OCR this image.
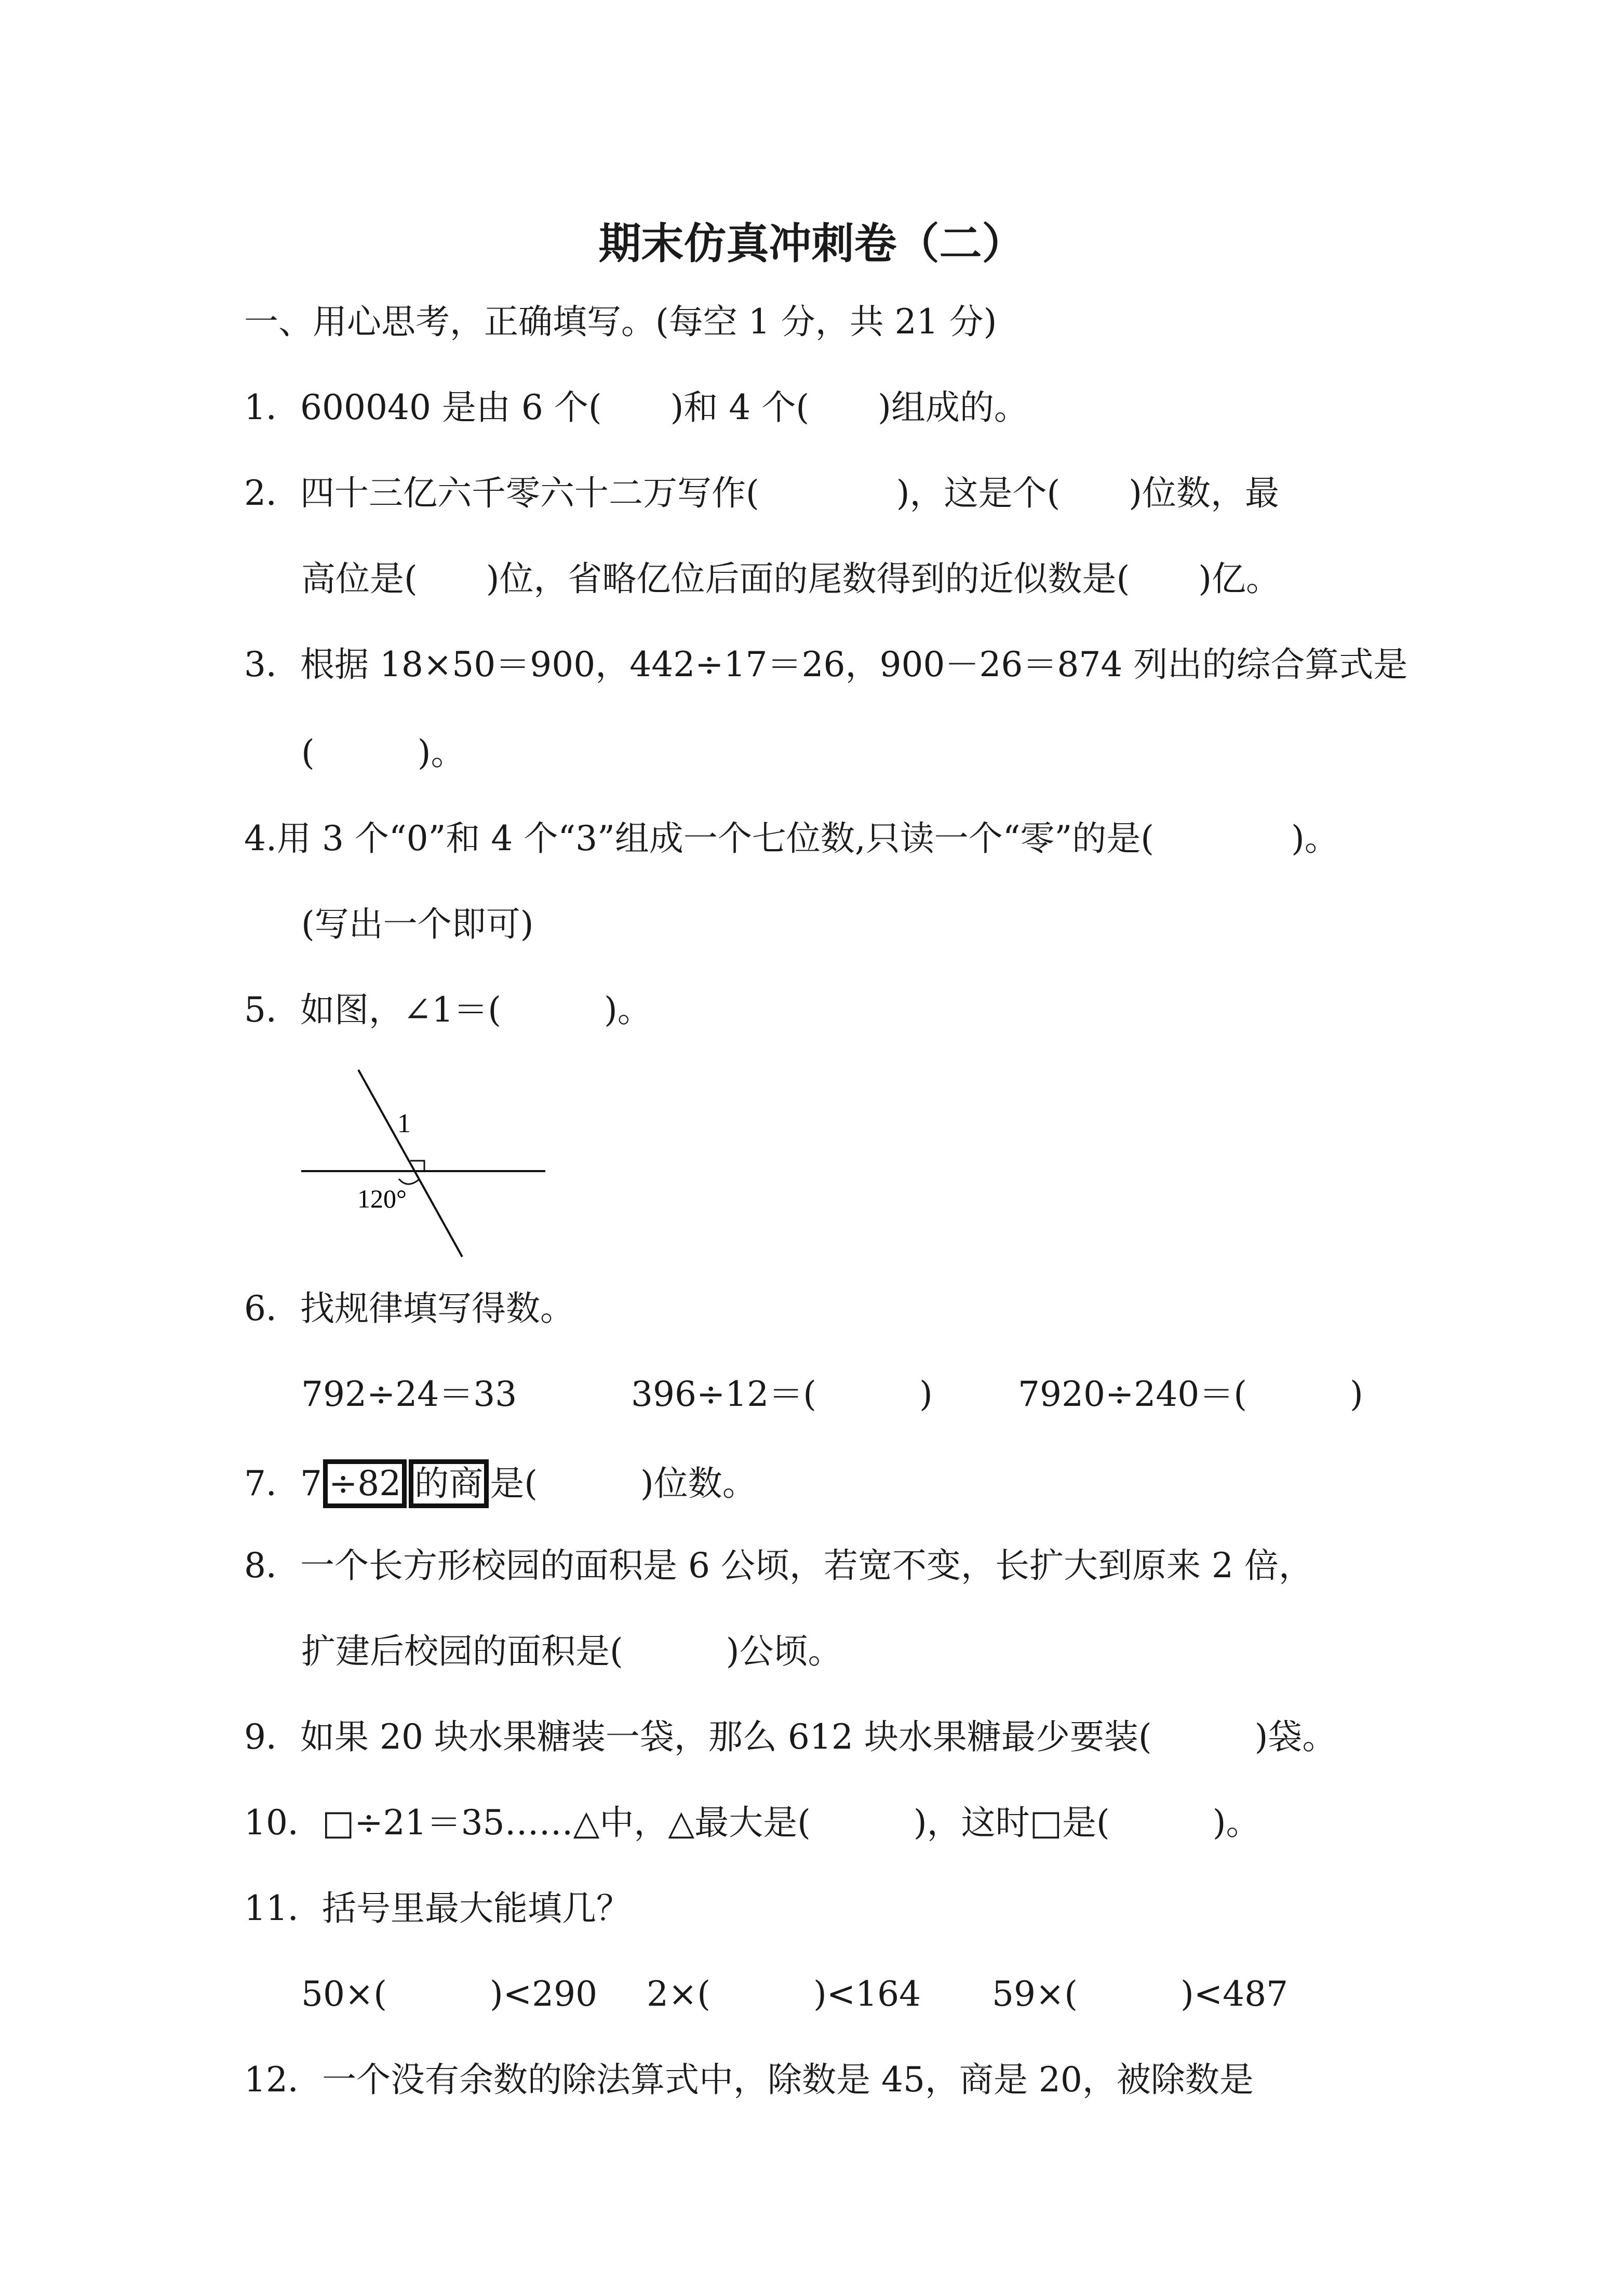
期末仿真冲刺卷（二）
一、用心思考，正确填写。(每空 1 分，共 21 分)
1．600040 是由 6 个(　　)和 4 个(　　)组成的。
2．四十三亿六千零六十二万写作(　　　　)，这是个(　　)位数，最
高位是(　　)位，省略亿位后面的尾数得到的近似数是(　　)亿。
3．根据 18×50＝900，442÷17＝26，900－26＝874 列出的综合算式是
(　　　)。
4.用 3 个“0”和 4 个“3”组成一个七位数,只读一个“零”的是(　　　　)。
(写出一个即可)
5．如图，∠1＝(　　　)。
1
120°
6．找规律填写得数。
792÷24＝33	396÷12＝(　　　) 7920÷240＝(　　　)
7．7 ÷82 的商 是(　　　)位数。
8．一个长方形校园的面积是 6 公顷，若宽不变，长扩大到原来 2 倍，
扩建后校园的面积是(　　　)公顷。
9．如果 20 块水果糖装一袋，那么 612 块水果糖最少要装(　　　)袋。
10．□÷21＝35……△中，△最大是(　　　)，这时□是(　　　)。
11．括号里最大能填几？
50×(　　　)<290 2×(　　　)<164 59×(　　　)<487
12．一个没有余数的除法算式中，除数是 45，商是 20，被除数是
